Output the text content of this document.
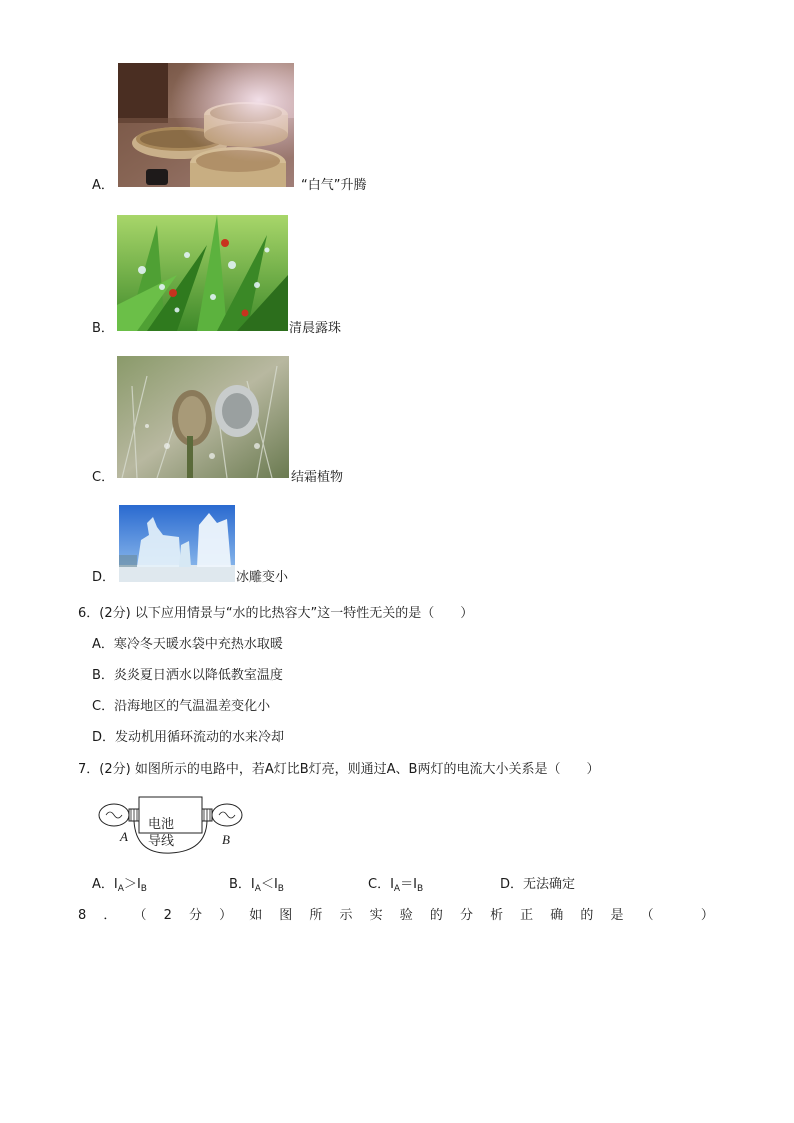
A．	“白气”升腾
B．	清晨露珠
C．	结霜植物
D．	冰雕变小
6．(2分) 以下应用情景与“水的比热容大”这一特性无关的是（　　）
A．寒冷冬天暖水袋中充热水取暖
B．炎炎夏日洒水以降低教室温度
C．沿海地区的气温温差变化小
D．发动机用循环流动的水来冷却
7．(2分) 如图所示的电路中，若A灯比B灯亮，则通过A、B两灯的电流大小关系是（　　）
电池
导线
A	B
A．$I_A>I_B$	B．$I_A<I_B$	C．$I_A=I_B$	D．无法确定
8 ． （ 2 分 ） 如 图 所 示 实 验 的 分 析 正 确 的 是 （
　	）
